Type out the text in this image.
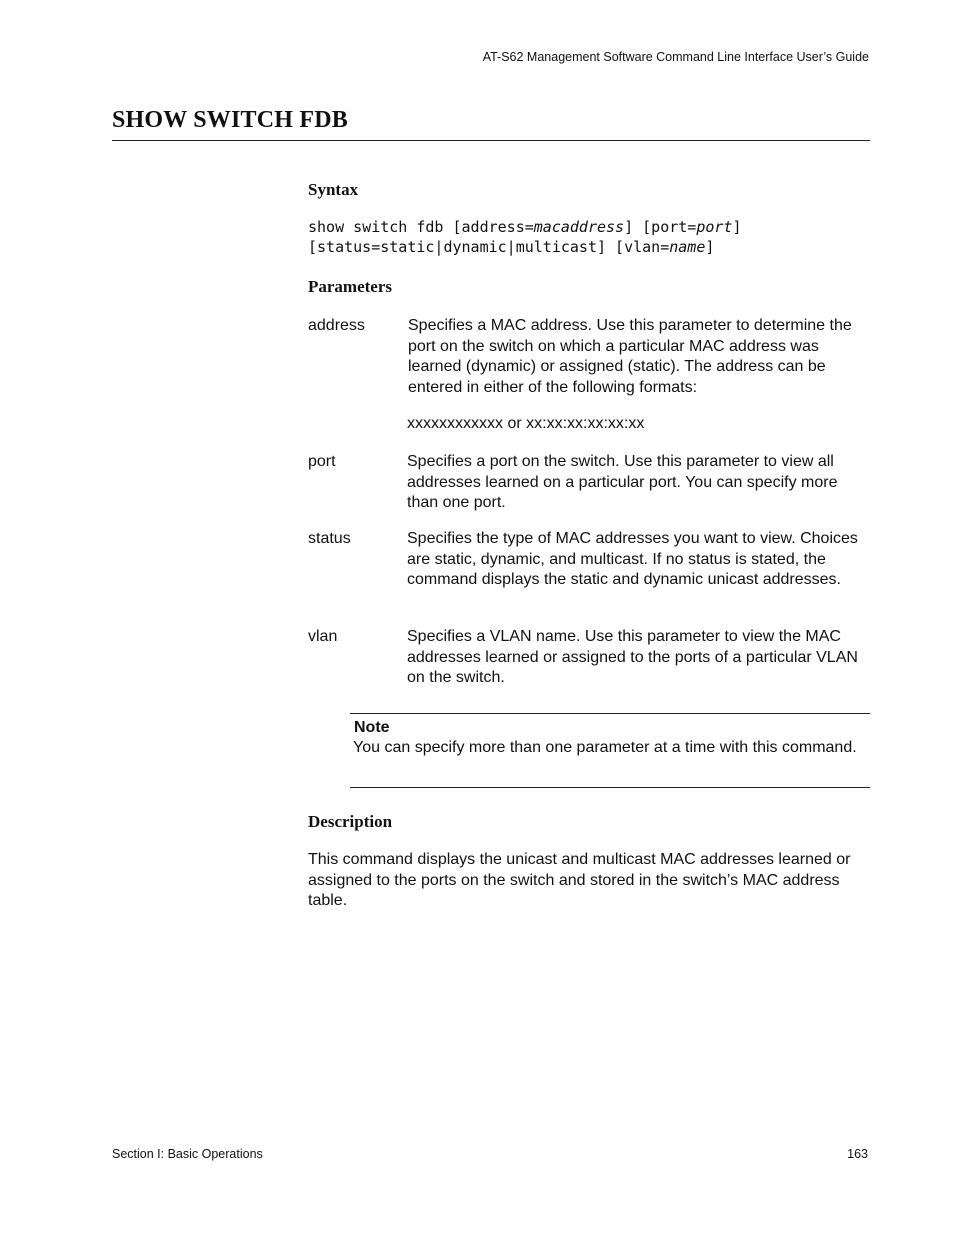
AT-S62 Management Software Command Line Interface User’s Guide
SHOW SWITCH FDB
Syntax
show switch fdb [address=macaddress] [port=port]
[status=static|dynamic|multicast] [vlan=name]
Parameters
address	Specifies a MAC address. Use this parameter to determine the port on the switch on which a particular MAC address was learned (dynamic) or assigned (static). The address can be entered in either of the following formats:
xxxxxxxxxxxx or xx:xx:xx:xx:xx:xx
port	Specifies a port on the switch. Use this parameter to view all addresses learned on a particular port. You can specify more than one port.
status	Specifies the type of MAC addresses you want to view. Choices are static, dynamic, and multicast. If no status is stated, the command displays the static and dynamic unicast addresses.
vlan	Specifies a VLAN name. Use this parameter to view the MAC addresses learned or assigned to the ports of a particular VLAN on the switch.
Note
You can specify more than one parameter at a time with this command.
Description
This command displays the unicast and multicast MAC addresses learned or assigned to the ports on the switch and stored in the switch’s MAC address table.
Section I: Basic Operations	163
